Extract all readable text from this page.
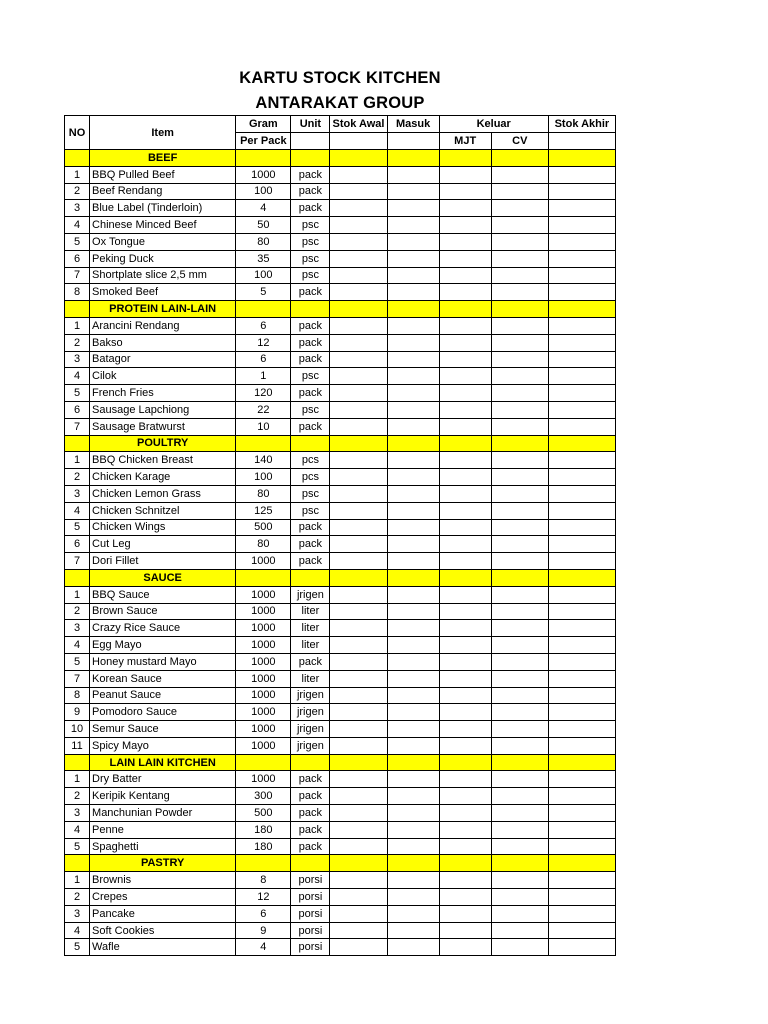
KARTU STOCK KITCHEN
ANTARAKAT GROUP
NO	Item	Gram	Unit	Stok Awal	Masuk	Keluar		Stok Akhir
		Per Pack				MJT	CV	
	BEEF							
1	BBQ Pulled Beef	1000	pack					
2	Beef Rendang	100	pack					
3	Blue Label (Tinderloin)	4	pack					
4	Chinese Minced Beef	50	psc					
5	Ox Tongue	80	psc					
6	Peking Duck	35	psc					
7	Shortplate slice 2,5 mm	100	psc					
8	Smoked Beef	5	pack					
	PROTEIN LAIN-LAIN							
1	Arancini Rendang	6	pack					
2	Bakso	12	pack					
3	Batagor	6	pack					
4	Cilok	1	psc					
5	French Fries	120	pack					
6	Sausage Lapchiong	22	psc					
7	Sausage Bratwurst	10	pack					
	POULTRY							
1	BBQ Chicken Breast	140	pcs					
2	Chicken Karage	100	pcs					
3	Chicken Lemon Grass	80	psc					
4	Chicken Schnitzel	125	psc					
5	Chicken Wings	500	pack					
6	Cut Leg	80	pack					
7	Dori Fillet	1000	pack					
	SAUCE							
1	BBQ Sauce	1000	jrigen					
2	Brown Sauce	1000	liter					
3	Crazy Rice Sauce	1000	liter					
4	Egg Mayo	1000	liter					
5	Honey mustard Mayo	1000	pack					
7	Korean Sauce	1000	liter					
8	Peanut Sauce	1000	jrigen					
9	Pomodoro Sauce	1000	jrigen					
10	Semur Sauce	1000	jrigen					
11	Spicy Mayo	1000	jrigen					
	LAIN LAIN KITCHEN							
1	Dry Batter	1000	pack					
2	Keripik Kentang	300	pack					
3	Manchunian Powder	500	pack					
4	Penne	180	pack					
5	Spaghetti	180	pack					
	PASTRY							
1	Brownis	8	porsi					
2	Crepes	12	porsi					
3	Pancake	6	porsi					
4	Soft Cookies	9	porsi					
5	Wafle	4	porsi					
